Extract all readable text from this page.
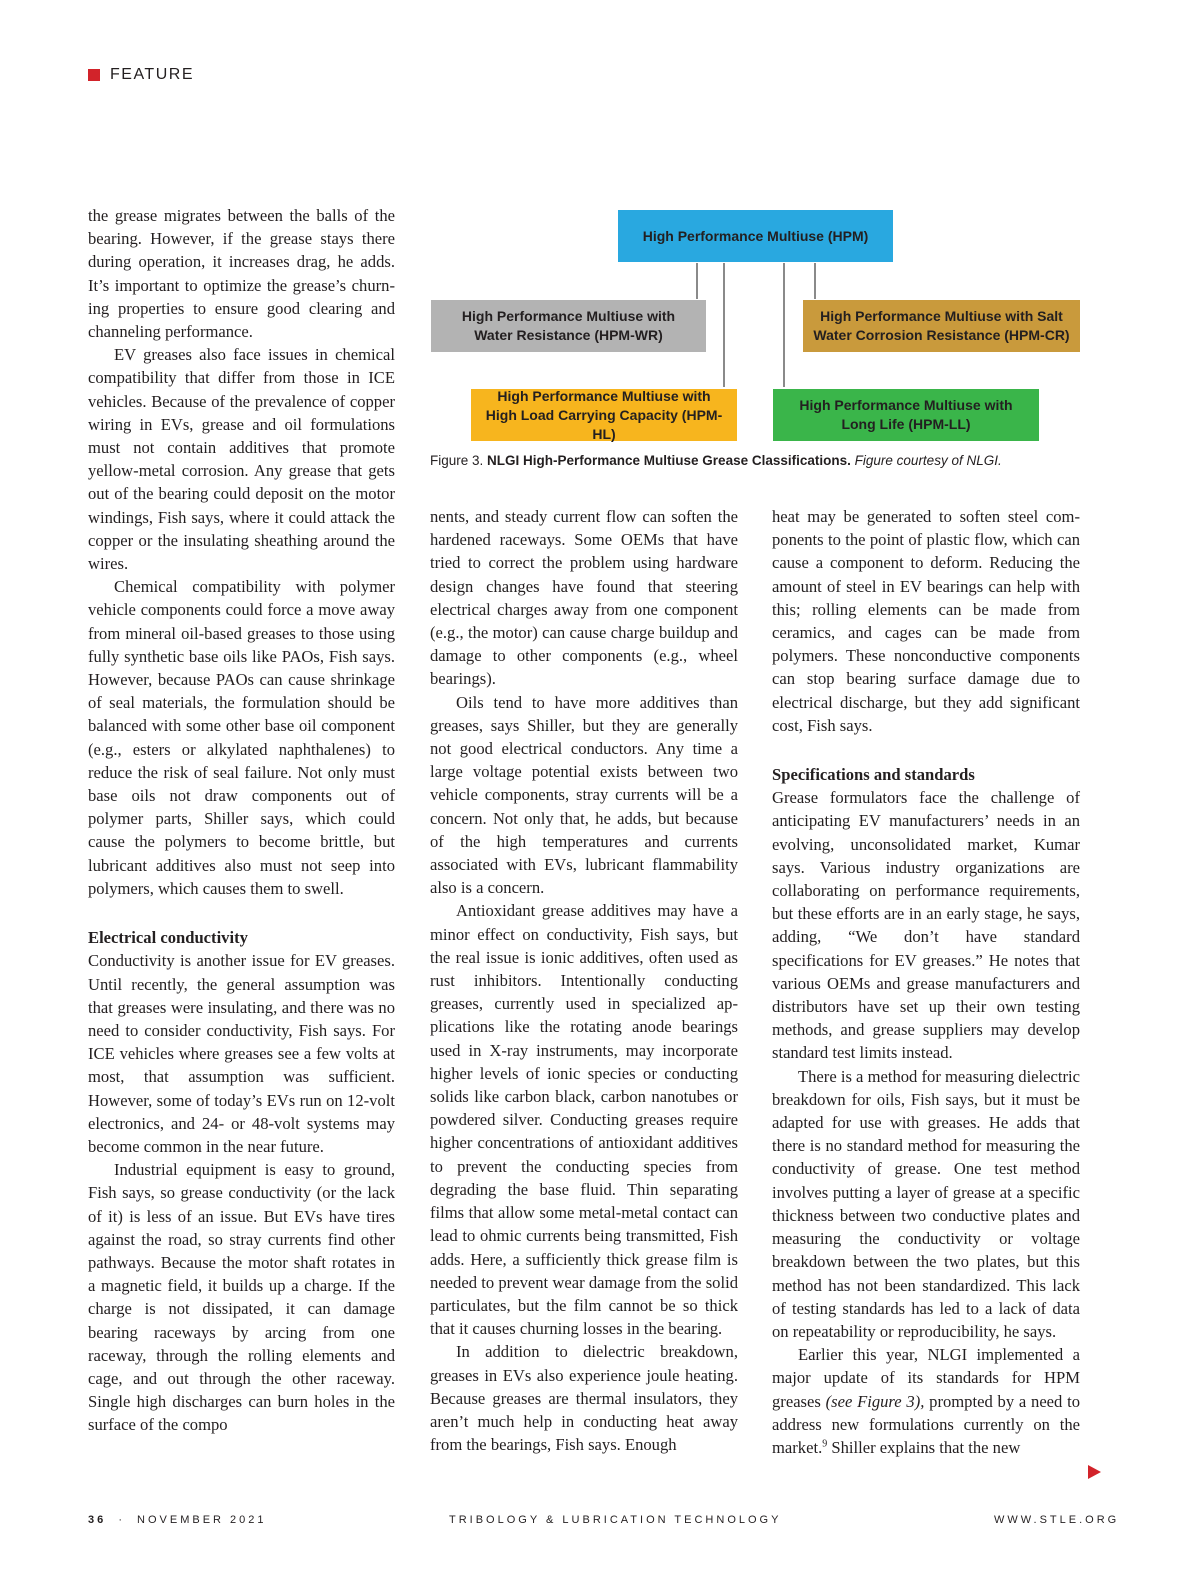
FEATURE
High Performance Multiuse (HPM)
High Performance Multiuse with Water Resistance (HPM-WR)
High Performance Multiuse with Salt Water Corrosion Resistance (HPM-CR)
High Performance Multiuse with High Load Carrying Capacity (HPM-HL)
High Performance Multiuse with Long Life (HPM-LL)
Figure 3. NLGI High-Performance Multiuse Grease Classifications. Figure courtesy of NLGI.

the grease migrates between the balls of the bearing. However, if the grease stays there during operation, it increases drag, he adds. It’s important to optimize the grease’s churning properties to ensure good clearing and channeling performance.

EV greases also face issues in chemical compatibility that differ from those in ICE vehicles. Because of the prevalence of copper wiring in EVs, grease and oil formulations must not contain additives that promote yellow-metal corrosion. Any grease that gets out of the bearing could deposit on the motor windings, Fish says, where it could attack the copper or the insulating sheathing around the wires.

Chemical compatibility with polymer vehicle components could force a move away from mineral oil-based greases to those using fully synthetic base oils like PAOs, Fish says. However, because PAOs can cause shrinkage of seal materials, the formulation should be balanced with some other base oil component (e.g., esters or alkylated naphthalenes) to reduce the risk of seal failure. Not only must base oils not draw components out of polymer parts, Shiller says, which could cause the polymers to become brittle, but lubricant additives also must not seep into polymers, which causes them to swell.

Electrical conductivity

Conductivity is another issue for EV greases. Until recently, the general assumption was that greases were insulating, and there was no need to consider conductivity, Fish says. For ICE vehicles where greases see a few volts at most, that assumption was sufficient. However, some of today’s EVs run on 12-volt electronics, and 24- or 48-volt systems may become common in the near future.

Industrial equipment is easy to ground, Fish says, so grease conductivity (or the lack of it) is less of an issue. But EVs have tires against the road, so stray currents find other pathways. Because the motor shaft rotates in a magnetic field, it builds up a charge. If the charge is not dissipated, it can damage bearing raceways by arcing from one raceway, through the rolling elements and cage, and out through the other raceway. Single high discharges can burn holes in the surface of the compo

nents, and steady current flow can soften the hardened raceways. Some OEMs that have tried to correct the problem using hardware design changes have found that steering electrical charges away from one component (e.g., the motor) can cause charge buildup and damage to other components (e.g., wheel bearings).

Oils tend to have more additives than greases, says Shiller, but they are generally not good electrical conductors. Any time a large voltage potential exists between two vehicle components, stray currents will be a concern. Not only that, he adds, but because of the high temperatures and currents associated with EVs, lubricant flammability also is a concern.

Antioxidant grease additives may have a minor effect on conductivity, Fish says, but the real issue is ionic additives, often used as rust inhibitors. Intentionally conducting greases, currently used in specialized applications like the rotating anode bearings used in X-ray instruments, may incorporate higher levels of ionic species or conducting solids like carbon black, carbon nanotubes or powdered silver. Conducting greases require higher concentrations of antioxidant additives to prevent the conducting species from degrading the base fluid. Thin separating films that allow some metal-metal contact can lead to ohmic currents being transmitted, Fish adds. Here, a sufficiently thick grease film is needed to prevent wear damage from the solid particulates, but the film cannot be so thick that it causes churning losses in the bearing.

In addition to dielectric breakdown, greases in EVs also experience joule heating. Because greases are thermal insulators, they aren’t much help in conducting heat away from the bearings, Fish says. Enough

heat may be generated to soften steel components to the point of plastic flow, which can cause a component to deform. Reducing the amount of steel in EV bearings can help with this; rolling elements can be made from ceramics, and cages can be made from polymers. These nonconductive components can stop bearing surface damage due to electrical discharge, but they add significant cost, Fish says.

Specifications and standards

Grease formulators face the challenge of anticipating EV manufacturers’ needs in an evolving, unconsolidated market, Kumar says. Various industry organizations are collaborating on performance requirements, but these efforts are in an early stage, he says, adding, “We don’t have standard specifications for EV greases.” He notes that various OEMs and grease manufacturers and distributors have set up their own testing methods, and grease suppliers may develop standard test limits instead.

There is a method for measuring dielectric breakdown for oils, Fish says, but it must be adapted for use with greases. He adds that there is no standard method for measuring the conductivity of grease. One test method involves putting a layer of grease at a specific thickness between two conductive plates and measuring the conductivity or voltage breakdown between the two plates, but this method has not been standardized. This lack of testing standards has led to a lack of data on repeatability or reproducibility, he says.

Earlier this year, NLGI implemented a major update of its standards for HPM greases (see Figure 3), prompted by a need to address new formulations currently on the market.$^9$ Shiller explains that the new

36 · NOVEMBER 2021	TRIBOLOGY & LUBRICATION TECHNOLOGY	WWW.STLE.ORG
